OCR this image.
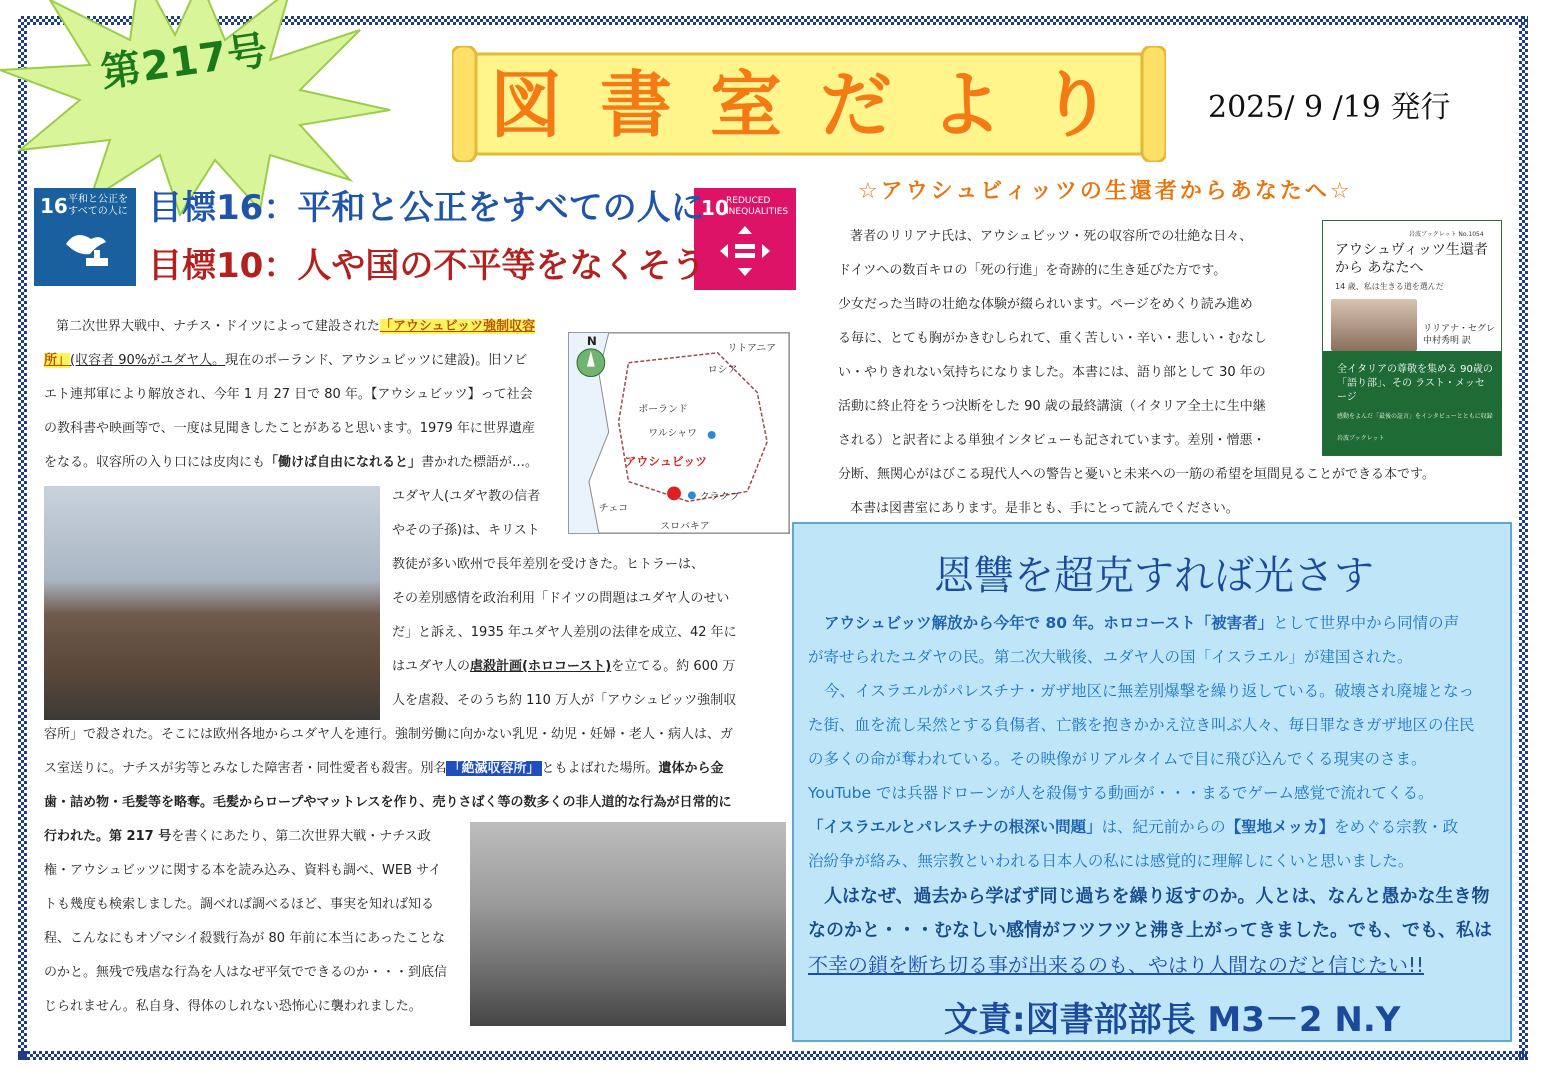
第217号
図書室だより	2025/ 9 /19 発行
16 平和と公正を すべての人に	10
REDUCED INEQUALITIES
目標16：平和と公正をすべての人に
目標10：人や国の不平等をなくそう
第二次世界大戦中、ナチス・ドイツによって建設された「アウシュビッツ強制収容
所」(収容者 90%がユダヤ人。現在のポーランド、アウシュビッツに建設)。旧ソビ
エト連邦軍により解放され、今年 1 月 27 日で 80 年。【アウシュビッツ】って社会
の教科書や映画等で、一度は見聞きしたことがあると思います。1979 年に世界遺産
をなる。収容所の入り口には皮肉にも「働けば自由になれると」書かれた標語が…。
N
リトアニア
ロシア
ポーランド
ワルシャワ
アウシュビッツ
クラクフ
チェコ
スロバキア
ユダヤ人(ユダヤ教の信者
やその子孫)は、キリスト
教徒が多い欧州で長年差別を受けきた。ヒトラーは、
その差別感情を政治利用「ドイツの問題はユダヤ人のせい
だ」と訴え、1935 年ユダヤ人差別の法律を成立、42 年に
はユダヤ人の虐殺計画(ホロコースト)を立てる。約 600 万
人を虐殺、そのうち約 110 万人が「アウシュビッツ強制収
容所」で殺された。そこには欧州各地からユダヤ人を連行。強制労働に向かない乳児・幼児・妊婦・老人・病人は、ガ
ス室送りに。ナチスが劣等とみなした障害者・同性愛者も殺害。別名 「絶滅収容所」 ともよばれた場所。遺体から金
歯・詰め物・毛髪等を略奪。毛髪からロープやマットレスを作り、売りさばく等の数多くの非人道的な行為が日常的に
行われた。第 217 号を書くにあたり、第二次世界大戦・ナチス政
権・アウシュビッツに関する本を読み込み、資料も調べ、WEB サイ
トも幾度も検索しました。調べれば調べるほど、事実を知れば知る
程、こんなにもオゾマシイ殺戮行為が 80 年前に本当にあったことな
のかと。無残で残虐な行為を人はなぜ平気でできるのか・・・到底信
じられません。私自身、得体のしれない恐怖心に襲われました。
☆アウシュビィッツの生還者からあなたへ☆
著者のリリアナ氏は、アウシュビッツ・死の収容所での壮絶な日々、
ドイツへの数百キロの「死の行進」を奇跡的に生き延びた方です。
少女だった当時の壮絶な体験が綴られいます。ページをめくり読み進め
る毎に、とても胸がかきむしられて、重く苦しい・辛い・悲しい・むなし
い・やりきれない気持ちになりました。本書には、語り部として 30 年の
活動に終止符をうつ決断をした 90 歳の最終講演（イタリア全土に生中継
される）と訳者による単独インタビューも記されています。差別・憎悪・
分断、無関心がはびこる現代人への警告と憂いと未来への一筋の希望を垣間見ることができる本です。
本書は図書室にあります。是非とも、手にとって読んでください。
岩波ブックレット No.1054
アウシュヴィッツ生還者から あなたへ
14 歳、私は生きる道を選んだ
リリアナ・セグレ 中村秀明 訳
全イタリアの尊敬を集める 90歳の「語り部」、その ラスト・メッセージ
感動をよんだ「最後の証言」をインタビューとともに収録
岩波ブックレット
恩讐を超克すれば光さす
アウシュビッツ解放から今年で 80 年。ホロコースト「被害者」として世界中から同情の声
が寄せられたユダヤの民。第二次大戦後、ユダヤ人の国「イスラエル」が建国された。
今、イスラエルがパレスチナ・ガザ地区に無差別爆撃を繰り返している。破壊され廃墟となっ
た街、血を流し呆然とする負傷者、亡骸を抱きかかえ泣き叫ぶ人々、毎日罪なきガザ地区の住民
の多くの命が奪われている。その映像がリアルタイムで目に飛び込んでくる現実のさま。
YouTube では兵器ドローンが人を殺傷する動画が・・・まるでゲーム感覚で流れてくる。
「イスラエルとパレスチナの根深い問題」は、紀元前からの【聖地メッカ】をめぐる宗教・政
治紛争が絡み、無宗教といわれる日本人の私には感覚的に理解しにくいと思いました。
人はなぜ、過去から学ばず同じ過ちを繰り返すのか。人とは、なんと愚かな生き物
なのかと・・・むなしい感情がフツフツと沸き上がってきました。でも、でも、私は
不幸の鎖を断ち切る事が出来るのも、やはり人間なのだと信じたい!!
文責:図書部部長 M3－2 N.Y
